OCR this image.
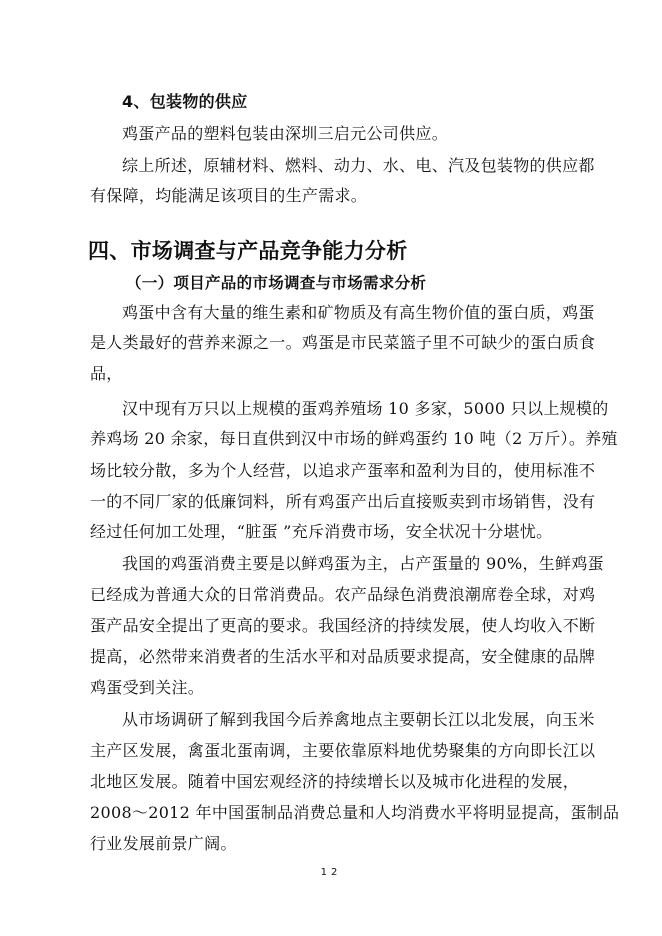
4、包装物的供应
鸡蛋产品的塑料包装由深圳三启元公司供应。
综上所述，原辅材料、燃料、动力、水、电、汽及包装物的供应都
有保障，均能满足该项目的生产需求。
四、市场调查与产品竞争能力分析
（一）项目产品的市场调查与市场需求分析
鸡蛋中含有大量的维生素和矿物质及有高生物价值的蛋白质，鸡蛋
是人类最好的营养来源之一。鸡蛋是市民菜篮子里不可缺少的蛋白质食
品，
汉中现有万只以上规模的蛋鸡养殖场 10 多家，5000 只以上规模的
养鸡场 20 余家，每日直供到汉中市场的鲜鸡蛋约 10 吨（2 万斤）。养殖
场比较分散，多为个人经营，以追求产蛋率和盈利为目的，使用标准不
一的不同厂家的低廉饲料，所有鸡蛋产出后直接贩卖到市场销售，没有
经过任何加工处理，“脏蛋 ”充斥消费市场，安全状况十分堪忧。
我国的鸡蛋消费主要是以鲜鸡蛋为主，占产蛋量的 90%，生鲜鸡蛋
已经成为普通大众的日常消费品。农产品绿色消费浪潮席卷全球，对鸡
蛋产品安全提出了更高的要求。我国经济的持续发展，使人均收入不断
提高，必然带来消费者的生活水平和对品质要求提高，安全健康的品牌
鸡蛋受到关注。
从市场调研了解到我国今后养禽地点主要朝长江以北发展，向玉米
主产区发展，禽蛋北蛋南调，主要依靠原料地优势聚集的方向即长江以
北地区发展。随着中国宏观经济的持续增长以及城市化进程的发展，
2008～2012 年中国蛋制品消费总量和人均消费水平将明显提高，蛋制品
行业发展前景广阔。
12
